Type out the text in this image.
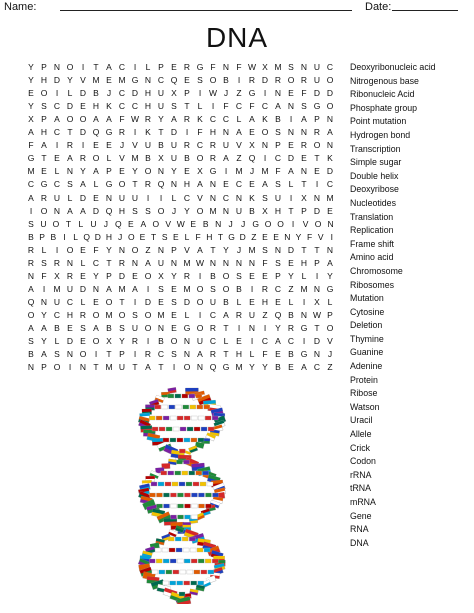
Name:	Date:
DNA
Y P N O	I	T A C	I	L P E R G F N F W X M S N U C
Y H D Y V M E M G N C Q E S O B	I	R D R O R U O
E O	I	L D B J C D H U X P	I W J Z G	I	N E F D D
Y S C D E H K C C H U S T L	I	F C F C A N S G O
X P A O O A A F W R Y A R K C C L A K B	I	A P N
A H C T D Q G R	I	K T D	I	F H N A E O S N N R A
F A	I	R	I	E E J V U B U R C R U V X N P E R O N
G T E A R O L V M B X U B O R A Z Q	I	C D E T K
M E L N Y A P E Y O N Y E X G	I M J M F A N E D
C G C S A L G O T R Q N H A N E C E A S L T	I	C
A R U L D E N U U	I	I	L C V N C N K S U	I	X N M
I	O N A A D Q H S S O J Y O M N U B X H T P D E
S U O T L U J Q E A O V W E B N J J G O O I V O N
B P B I L Q D H J O E T S E L F H T G D Z E E N Y F V I
R L	I	O E F Y N O Z N P V A T Y J M S N D T T N
R S R N L C T R N A U N M W N N N N F S E H P A
N F X R E Y P D E O X Y R	I	B O S E E P Y L	I	Y
A	I M U D N A M A	I	S E M O S O B	I	R C Z M N G
Q N U C L E O T	I	D E S D O U B L E H E L	I	X L
O Y C H R O M O S O M E L	I	C A R U Z Q B N W P
A A B E S A B S U O N E G O R T	I	N	I	Y R G T O
S Y L D E O X Y R	I	B O N U C L E	I	C A C	I	D V
B A S N O	I	T P	I	R C S N A R T H L F E B G N J
N P O	I	N T M U T A T	I	O N Q G M Y Y B E A C Z
Deoxyribonucleic acid
Nitrogenous base
Ribonucleic Acid
Phosphate group
Point mutation
Hydrogen bond
Transcription
Simple sugar
Double helix
Deoxyribose
Nucleotides
Translation
Replication
Frame shift
Amino acid
Chromosome
Ribosomes
Mutation
Cytosine
Deletion
Thymine
Guanine
Adenine
Protein
Ribose
Watson
Uracil
Allele
Crick
Codon
rRNA
tRNA
mRNA
Gene
RNA
DNA
